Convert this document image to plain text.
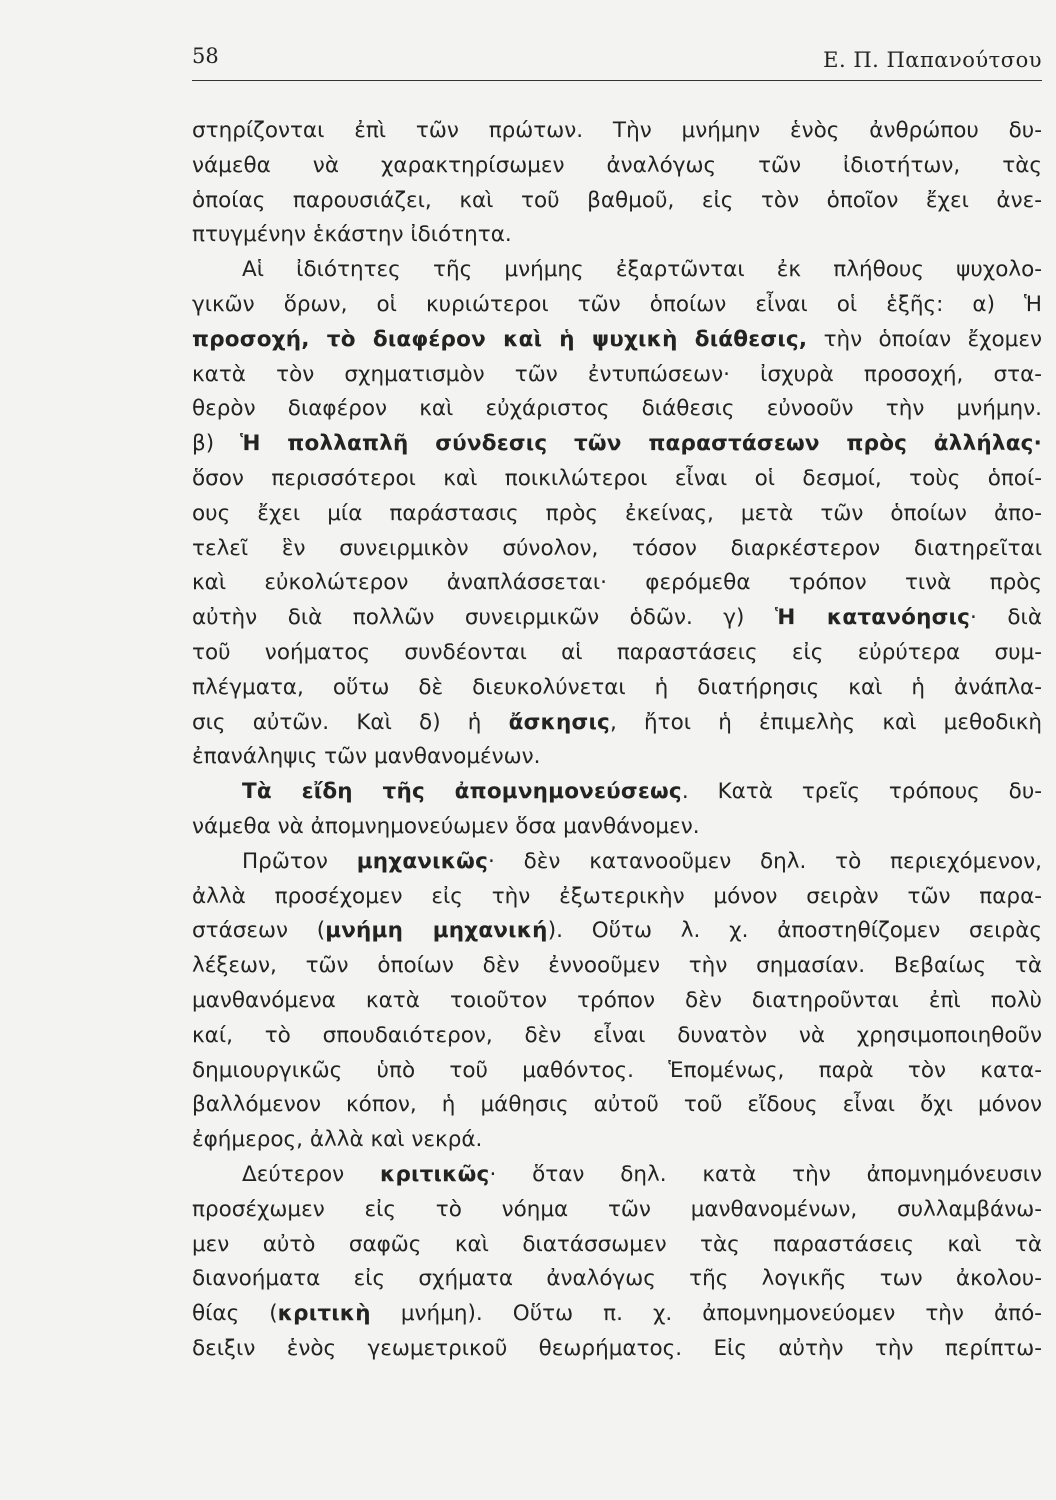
58	Ε. Π. Παπανούτσου
στηρίζονται ἐπὶ τῶν πρώτων. Τὴν μνήμην ἑνὸς ἀνθρώπου δυ-
νάμεθα νὰ χαρακτηρίσωμεν ἀναλόγως τῶν ἰδιοτήτων, τὰς
ὁποίας παρουσιάζει, καὶ τοῦ βαθμοῦ, εἰς τὸν ὁποῖον ἔχει ἀνε-
πτυγμένην ἑκάστην ἰδιότητα.
Αἱ ἰδιότητες τῆς μνήμης ἐξαρτῶνται ἐκ πλήθους ψυχολο-
γικῶν ὅρων, οἱ κυριώτεροι τῶν ὁποίων εἶναι οἱ ἑξῆς: α) Ἡ
προσοχή, τὸ διαφέρον καὶ ἡ ψυχικὴ διάθεσις, τὴν ὁποίαν ἔχομεν
κατὰ τὸν σχηματισμὸν τῶν ἐντυπώσεων· ἰσχυρὰ προσοχή, στα-
θερὸν διαφέρον καὶ εὐχάριστος διάθεσις εὐνοοῦν τὴν μνήμην.
β) Ἡ πολλαπλῆ σύνδεσις τῶν παραστάσεων πρὸς ἀλλήλας·
ὅσον περισσότεροι καὶ ποικιλώτεροι εἶναι οἱ δεσμοί, τοὺς ὁποί-
ους ἔχει μία παράστασις πρὸς ἐκείνας, μετὰ τῶν ὁποίων ἀπο-
τελεῖ ἓν συνειρμικὸν σύνολον, τόσον διαρκέστερον διατηρεῖται
καὶ εὐκολώτερον ἀναπλάσσεται· φερόμεθα τρόπον τινὰ πρὸς
αὐτὴν διὰ πολλῶν συνειρμικῶν ὁδῶν. γ) Ἡ κατανόησις· διὰ
τοῦ νοήματος συνδέονται αἱ παραστάσεις εἰς εὐρύτερα συμ-
πλέγματα, οὕτω δὲ διευκολύνεται ἡ διατήρησις καὶ ἡ ἀνάπλα-
σις αὐτῶν. Καὶ δ) ἡ ἄσκησις, ἤτοι ἡ ἐπιμελὴς καὶ μεθοδικὴ
ἐπανάληψις τῶν μανθανομένων.
Τὰ εἴδη τῆς ἀπομνημονεύσεως. Κατὰ τρεῖς τρόπους δυ-
νάμεθα νὰ ἀπομνημονεύωμεν ὅσα μανθάνομεν.
Πρῶτον μηχανικῶς· δὲν κατανοοῦμεν δηλ. τὸ περιεχόμενον,
ἀλλὰ προσέχομεν εἰς τὴν ἐξωτερικὴν μόνον σειρὰν τῶν παρα-
στάσεων (μνήμη μηχανική). Οὕτω λ. χ. ἀποστηθίζομεν σειρὰς
λέξεων, τῶν ὁποίων δὲν ἐννοοῦμεν τὴν σημασίαν. Βεβαίως τὰ
μανθανόμενα κατὰ τοιοῦτον τρόπον δὲν διατηροῦνται ἐπὶ πολὺ
καί, τὸ σπουδαιότερον, δὲν εἶναι δυνατὸν νὰ χρησιμοποιηθοῦν
δημιουργικῶς ὑπὸ τοῦ μαθόντος. Ἑπομένως, παρὰ τὸν κατα-
βαλλόμενον κόπον, ἡ μάθησις αὐτοῦ τοῦ εἴδους εἶναι ὄχι μόνον
ἐφήμερος, ἀλλὰ καὶ νεκρά.
Δεύτερον κριτικῶς· ὅταν δηλ. κατὰ τὴν ἀπομνημόνευσιν
προσέχωμεν εἰς τὸ νόημα τῶν μανθανομένων, συλλαμβάνω-
μεν αὐτὸ σαφῶς καὶ διατάσσωμεν τὰς παραστάσεις καὶ τὰ
διανοήματα εἰς σχήματα ἀναλόγως τῆς λογικῆς των ἀκολου-
θίας (κριτικὴ μνήμη). Οὕτω π. χ. ἀπομνημονεύομεν τὴν ἀπό-
δειξιν ἑνὸς γεωμετρικοῦ θεωρήματος. Εἰς αὐτὴν τὴν περίπτω-
